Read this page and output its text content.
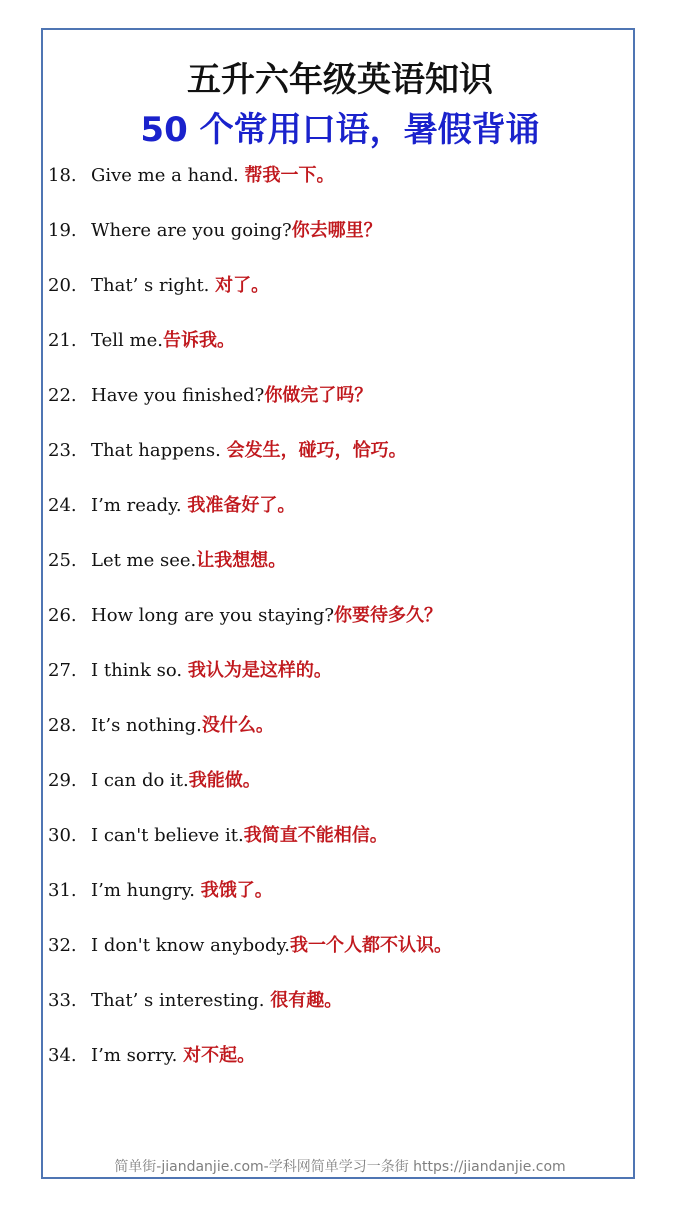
五升六年级英语知识
50 个常用口语，暑假背诵
18. Give me a hand. 帮我一下。
19. Where are you going?你去哪里？
20. That’ s right. 对了。
21. Tell me.告诉我。
22. Have you finished?你做完了吗？
23. That happens. 会发生，碰巧，恰巧。
24. I’m ready. 我准备好了。
25. Let me see.让我想想。
26. How long are you staying?你要待多久？
27. I think so. 我认为是这样的。
28. It’s nothing.没什么。
29. I can do it.我能做。
30. I can't believe it.我简直不能相信。
31. I’m hungry. 我饿了。
32. I don't know anybody.我一个人都不认识。
33. That’ s interesting. 很有趣。
34. I’m sorry. 对不起。
简单街-jiandanjie.com-学科网简单学习一条街 https://jiandanjie.com
